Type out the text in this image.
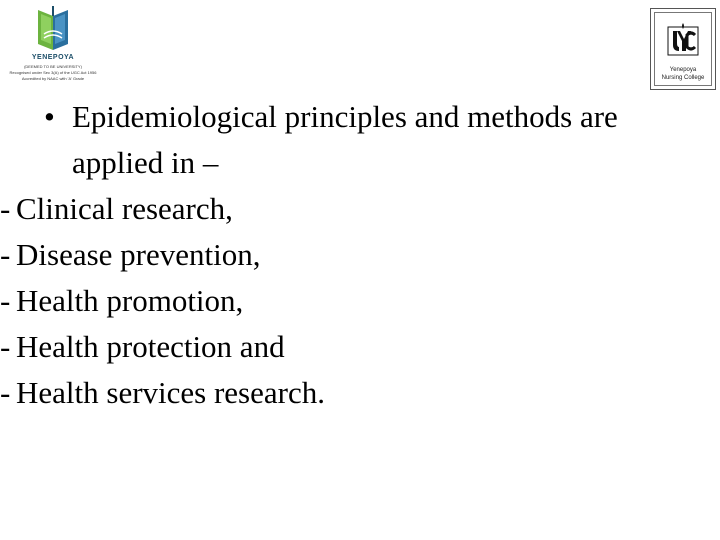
YENEPOYA
(DEEMED TO BE UNIVERSITY)
Recognised under Sec 3(A) of the UGC Act 1956
Accredited by NAAC with 'A' Grade
Yenepoya
Nursing College
• Epidemiological principles and methods are applied in –
- Clinical research,
- Disease prevention,
- Health promotion,
- Health protection and
- Health services research.
